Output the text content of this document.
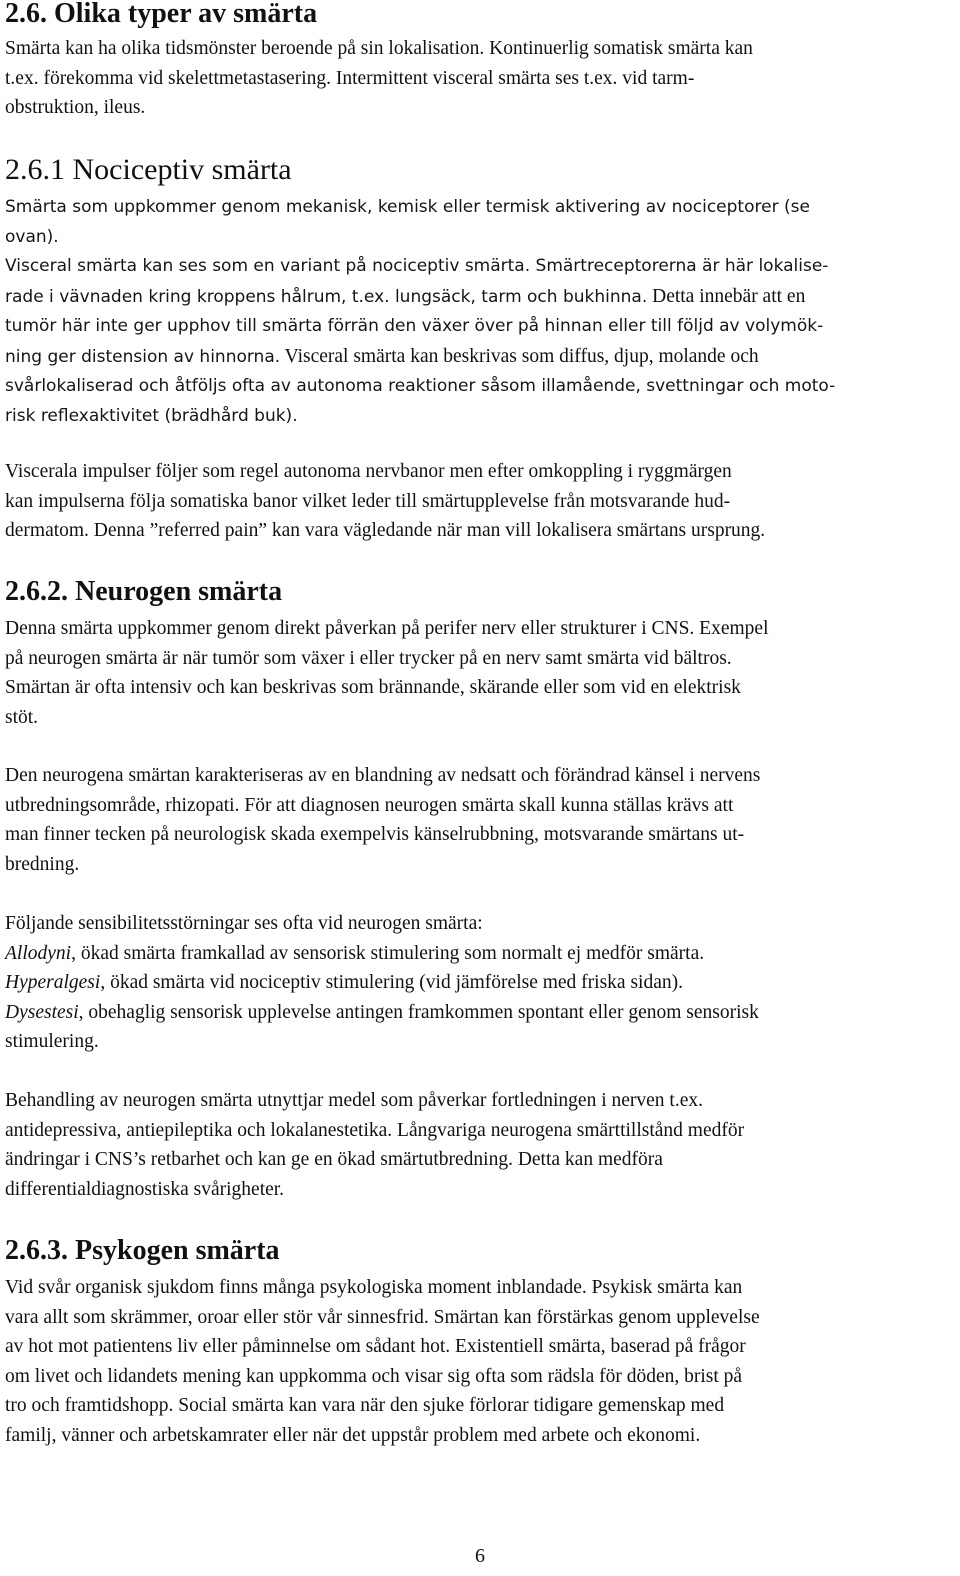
2.6. Olika typer av smärta

Smärta kan ha olika tidsmönster beroende på sin lokalisation. Kontinuerlig somatisk smärta kan
t.ex. förekomma vid skelettmetastasering. Intermittent visceral smärta ses t.ex. vid tarm-
obstruktion, ileus.

2.6.1 Nociceptiv smärta

Smärta som uppkommer genom mekanisk, kemisk eller termisk aktivering av nociceptorer (se
ovan).
Visceral smärta kan ses som en variant på nociceptiv smärta. Smärtreceptorerna är här lokalise-
rade i vävnaden kring kroppens hålrum, t.ex. lungsäck, tarm och bukhinna. Detta innebär att en
tumör här inte ger upphov till smärta förrän den växer över på hinnan eller till följd av volymök-
ning ger distension av hinnorna. Visceral smärta kan beskrivas som diffus, djup, molande och
svårlokaliserad och åtföljs ofta av autonoma reaktioner såsom illamående, svettningar och moto-
risk reflexaktivitet (brädhård buk).

Viscerala impulser följer som regel autonoma nervbanor men efter omkoppling i ryggmärgen
kan impulserna följa somatiska banor vilket leder till smärtupplevelse från motsvarande hud-
dermatom. Denna ”referred pain” kan vara vägledande när man vill lokalisera smärtans ursprung.

2.6.2. Neurogen smärta

Denna smärta uppkommer genom direkt påverkan på perifer nerv eller strukturer i CNS. Exempel
på neurogen smärta är när tumör som växer i eller trycker på en nerv samt smärta vid bältros.
Smärtan är ofta intensiv och kan beskrivas som brännande, skärande eller som vid en elektrisk
stöt.

Den neurogena smärtan karakteriseras av en blandning av nedsatt och förändrad känsel i nervens
utbredningsområde, rhizopati. För att diagnosen neurogen smärta skall kunna ställas krävs att
man finner tecken på neurologisk skada exempelvis känselrubbning, motsvarande smärtans ut-
bredning.

Följande sensibilitetsstörningar ses ofta vid neurogen smärta:
Allodyni, ökad smärta framkallad av sensorisk stimulering som normalt ej medför smärta.
Hyperalgesi, ökad smärta vid nociceptiv stimulering (vid jämförelse med friska sidan).
Dysestesi, obehaglig sensorisk upplevelse antingen framkommen spontant eller genom sensorisk
stimulering.

Behandling av neurogen smärta utnyttjar medel som påverkar fortledningen i nerven t.ex.
antidepressiva, antiepileptika och lokalanestetika. Långvariga neurogena smärttillstånd medför
ändringar i CNS’s retbarhet och kan ge en ökad smärtutbredning. Detta kan medföra
differentialdiagnostiska svårigheter.

2.6.3. Psykogen smärta

Vid svår organisk sjukdom finns många psykologiska moment inblandade. Psykisk smärta kan
vara allt som skrämmer, oroar eller stör vår sinnesfrid. Smärtan kan förstärkas genom upplevelse
av hot mot patientens liv eller påminnelse om sådant hot. Existentiell smärta, baserad på frågor
om livet och lidandets mening kan uppkomma och visar sig ofta som rädsla för döden, brist på
tro och framtidshopp. Social smärta kan vara när den sjuke förlorar tidigare gemenskap med
familj, vänner och arbetskamrater eller när det uppstår problem med arbete och ekonomi.

6
